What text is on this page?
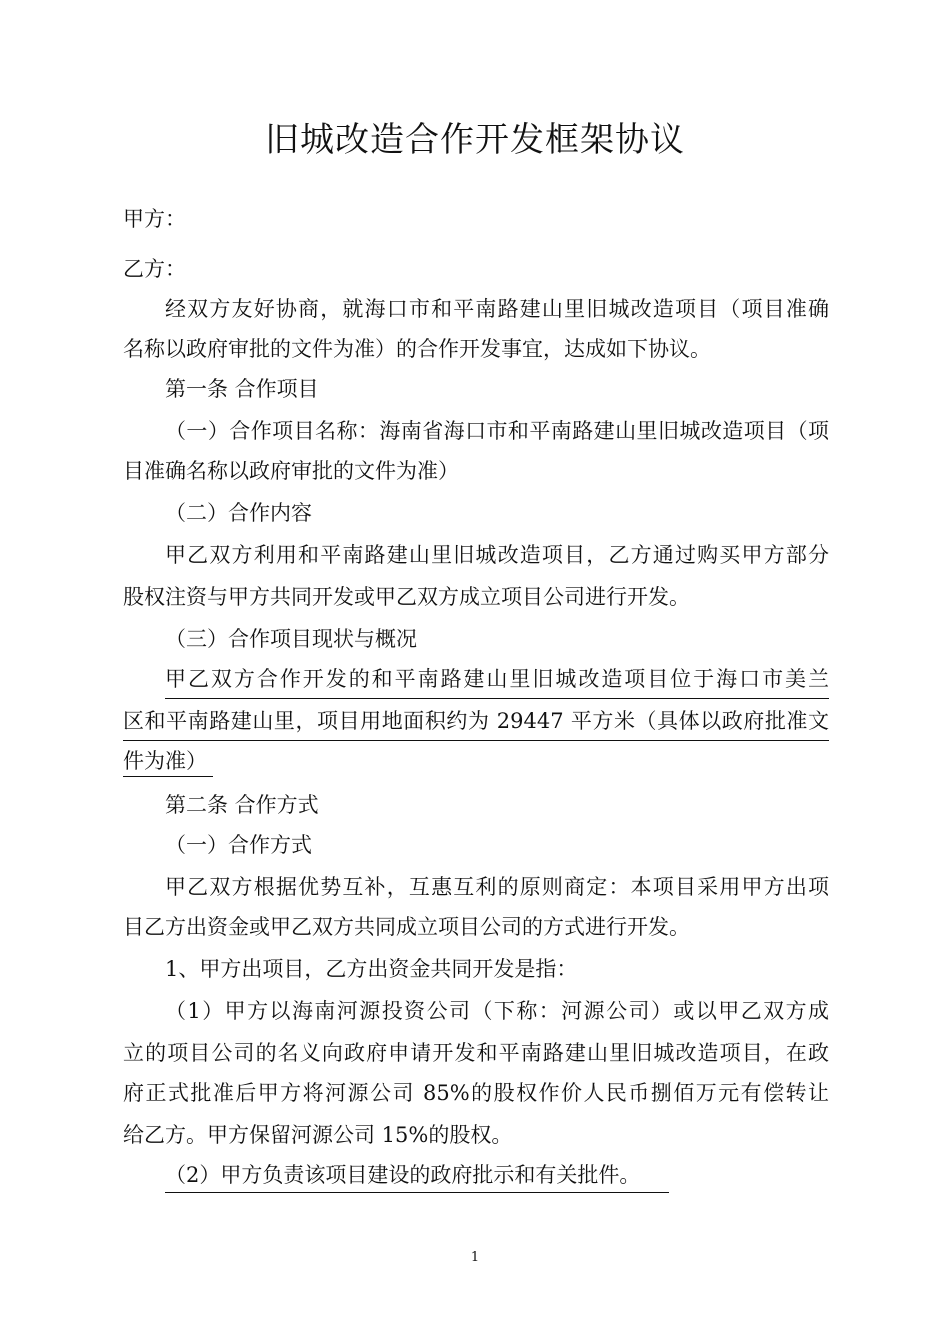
旧城改造合作开发框架协议
甲方：
乙方：
经双方友好协商，就海口市和平南路建山里旧城改造项目（项目准确
名称以政府审批的文件为准）的合作开发事宜，达成如下协议。
第一条 合作项目
（一）合作项目名称：海南省海口市和平南路建山里旧城改造项目（项
目准确名称以政府审批的文件为准）
（二）合作内容
甲乙双方利用和平南路建山里旧城改造项目，乙方通过购买甲方部分
股权注资与甲方共同开发或甲乙双方成立项目公司进行开发。
（三）合作项目现状与概况
甲乙双方合作开发的和平南路建山里旧城改造项目位于海口市美兰
区和平南路建山里，项目用地面积约为 29447 平方米（具体以政府批准文
件为准）
第二条 合作方式
（一）合作方式
甲乙双方根据优势互补，互惠互利的原则商定：本项目采用甲方出项
目乙方出资金或甲乙双方共同成立项目公司的方式进行开发。
1、甲方出项目，乙方出资金共同开发是指：
（1）甲方以海南河源投资公司（下称：河源公司）或以甲乙双方成
立的项目公司的名义向政府申请开发和平南路建山里旧城改造项目，在政
府正式批准后甲方将河源公司 85%的股权作价人民币捌佰万元有偿转让
给乙方。甲方保留河源公司 15%的股权。
（2）甲方负责该项目建设的政府批示和有关批件。
1
